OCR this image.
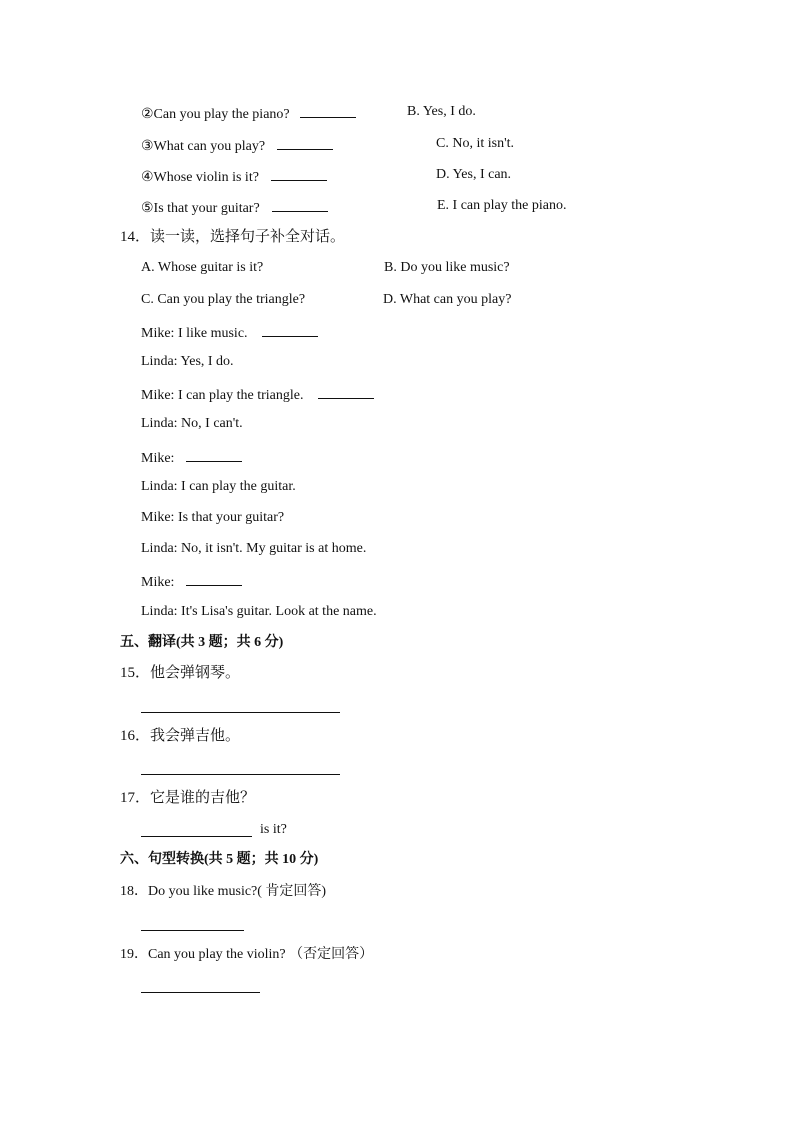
②Can you play the piano?	B. Yes, I do.
③What can you play?	C. No, it isn't.
④Whose violin is it?	D. Yes, I can.
⑤Is that your guitar?	E. I can play the piano.
14．读一读，选择句子补全对话。
A. Whose guitar is it?	B. Do you like music?
C. Can you play the triangle?	D. What can you play?
Mike: I like music.
Linda: Yes, I do.
Mike: I can play the triangle.
Linda: No, I can't.
Mike:
Linda: I can play the guitar.
Mike: Is that your guitar?
Linda: No, it isn't. My guitar is at home.
Mike:
Linda: It's Lisa's guitar. Look at the name.
五、翻译(共 3 题；共 6 分)
15．他会弹钢琴。
16．我会弹吉他。
17．它是谁的吉他？
is it?
六、句型转换(共 5 题；共 10 分)
18．Do you like music?( 肯定回答)
19．Can you play the violin? （否定回答）
